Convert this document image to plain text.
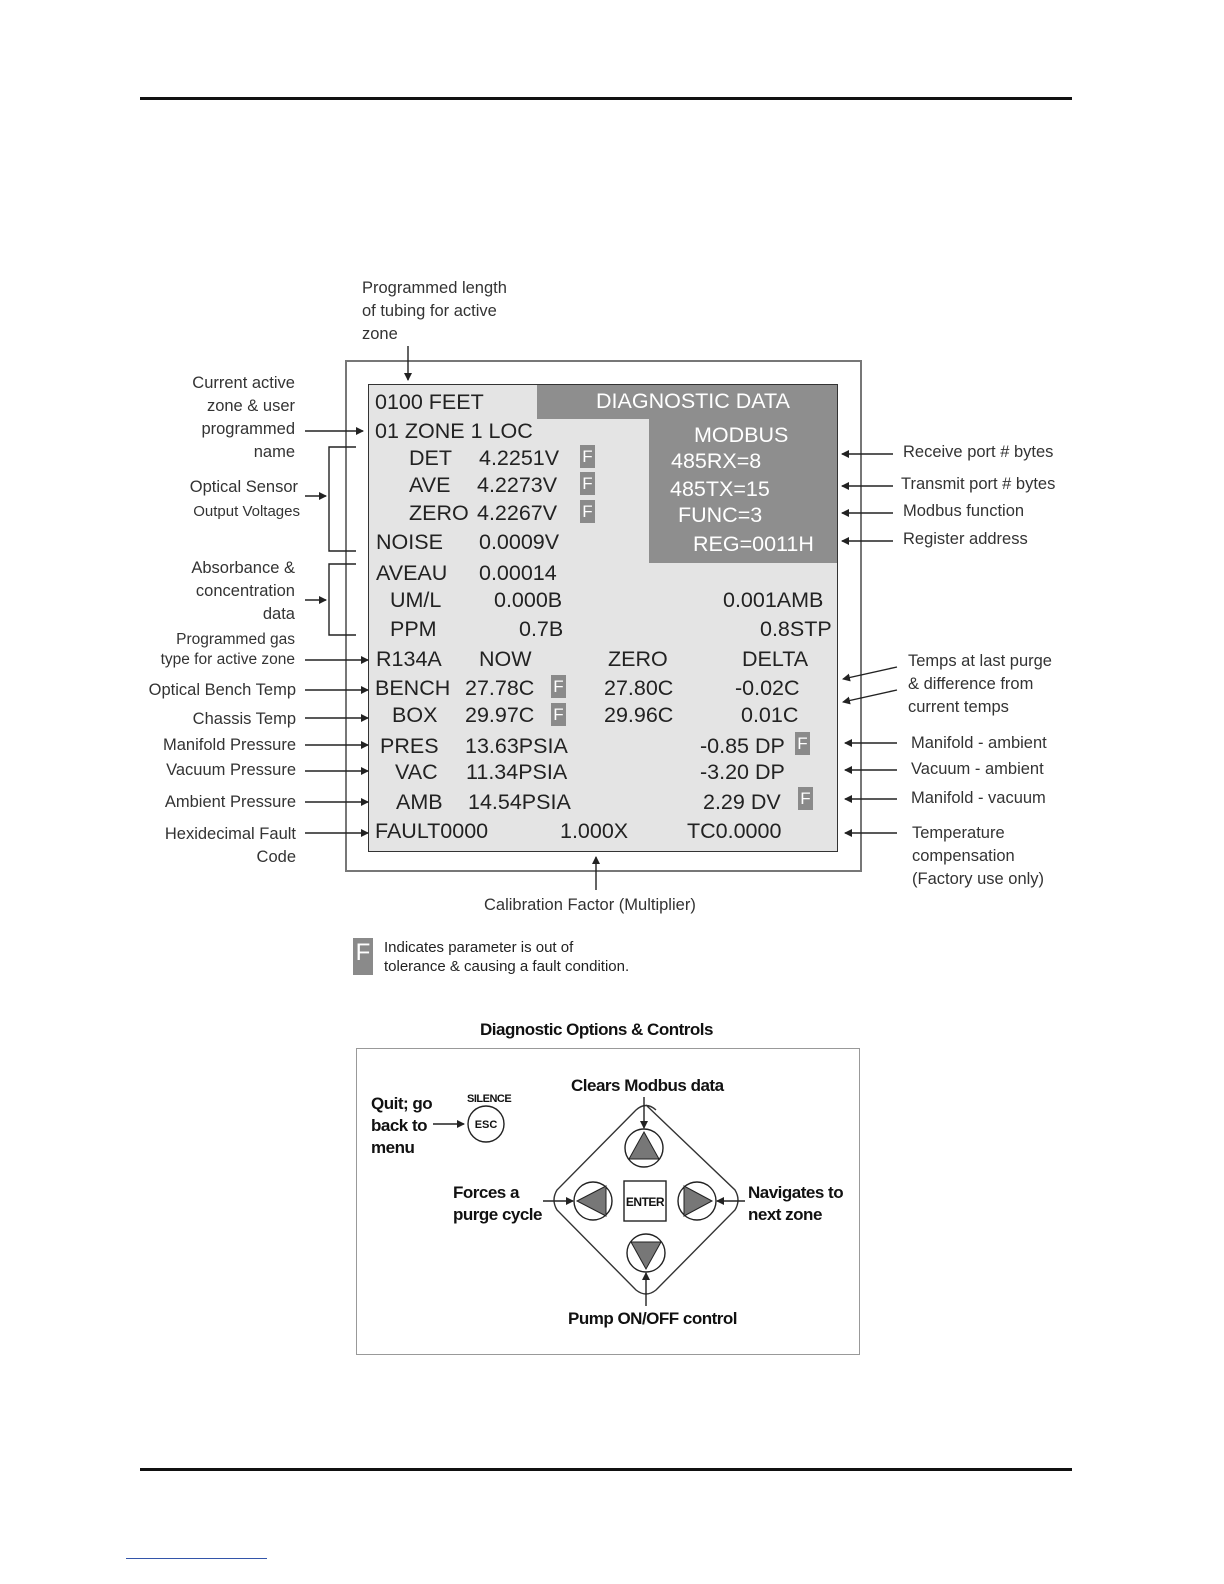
Programmed length
of tubing for active
zone
Current active
zone & user
programmed
name
Optical Sensor
Output Voltages
Absorbance &
concentration
data
Programmed gas
type for active zone
Optical Bench Temp
Chassis Temp
Manifold Pressure
Vacuum Pressure
Ambient Pressure
Hexidecimal Fault
Code
Receive port # bytes
Transmit port # bytes
Modbus function
Register address
Temps at last purge
& difference from
current temps
Manifold - ambient
Vacuum - ambient
Manifold - vacuum
Temperature
compensation
(Factory use only)
Calibration Factor (Multiplier)
0100 FEET	DIAGNOSTIC DATA
01 ZONE 1 LOC	MODBUS
485RX=8
485TX=15
FUNC=3
REG=0011H
DET 4.2251V F
AVE 4.2273V F
ZERO 4.2267V F
NOISE 0.0009V
AVEAU 0.00014
UM/L 0.000B	0.001AMB
PPM	0.7B	0.8STP
R134A NOW	ZERO	DELTA
BENCH 27.78C F 27.80C	-0.02C
BOX 29.97C F 29.96C	0.01C
PRES 13.63PSIA	-0.85 DP F
VAC 11.34PSIA	-3.20 DP
AMB 14.54PSIA	2.29 DV F
FAULT0000	1.000X	TC0.0000
F Indicates parameter is out of
tolerance & causing a fault condition.
Diagnostic Options & Controls
Quit; go
back to
menu
SILENCE
Clears Modbus data
Forces a
purge cycle
Navigates to
next zone
Pump ON/OFF control
ESC
ENTER
